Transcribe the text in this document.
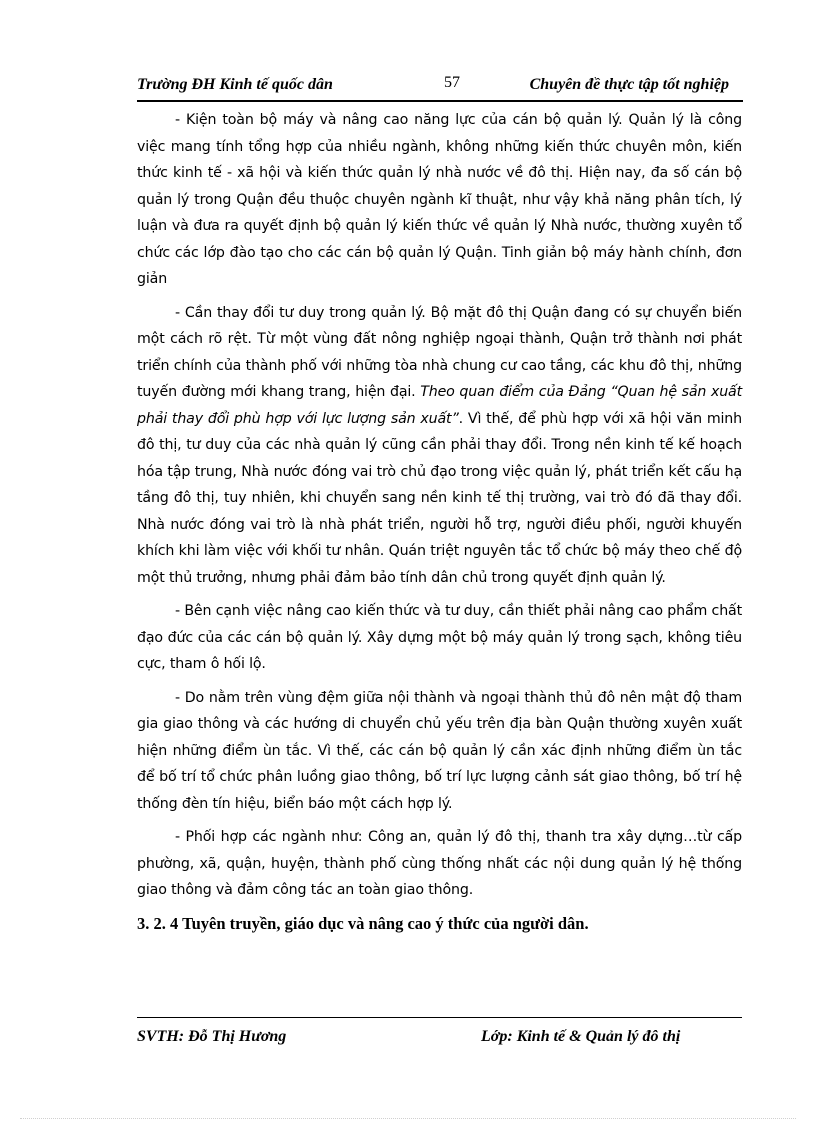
Trường ĐH Kinh tế quốc dân	57	Chuyên đề thực tập tốt nghiệp

- Kiện toàn bộ máy và nâng cao năng lực của cán bộ quản lý. Quản lý là công việc mang tính tổng hợp của nhiều ngành, không những kiến thức chuyên môn, kiến thức kinh tế - xã hội và kiến thức quản lý nhà nước về đô thị. Hiện nay, đa số cán bộ quản lý trong Quận đều thuộc chuyên ngành kĩ thuật, như vậy khả năng phân tích, lý luận và đưa ra quyết định bộ quản lý kiến thức về quản lý Nhà nước, thường xuyên tổ chức các lớp đào tạo cho các cán bộ quản lý Quận. Tinh giản bộ máy hành chính, đơn giản

- Cần thay đổi tư duy trong quản lý. Bộ mặt đô thị Quận đang có sự chuyển biến một cách rõ rệt. Từ một vùng đất nông nghiệp ngoại thành, Quận trở thành nơi phát triển chính của thành phố với những tòa nhà chung cư cao tầng, các khu đô thị, những tuyến đường mới khang trang, hiện đại. Theo quan điểm của Đảng “Quan hệ sản xuất phải thay đổi phù hợp với lực lượng sản xuất”. Vì thế, để phù hợp với xã hội văn minh đô thị, tư duy của các nhà quản lý cũng cần phải thay đổi. Trong nền kinh tế kế hoạch hóa tập trung, Nhà nước đóng vai trò chủ đạo trong việc quản lý, phát triển kết cấu hạ tầng đô thị, tuy nhiên, khi chuyển sang nền kinh tế thị trường, vai trò đó đã thay đổi. Nhà nước đóng vai trò là nhà phát triển, người hỗ trợ, người điều phối, người khuyến khích khi làm việc với khối tư nhân. Quán triệt nguyên tắc tổ chức bộ máy theo chế độ một thủ trưởng, nhưng phải đảm bảo tính dân chủ trong quyết định quản lý.

- Bên cạnh việc nâng cao kiến thức và tư duy, cần thiết phải nâng cao phẩm chất đạo đức của các cán bộ quản lý. Xây dựng một bộ máy quản lý trong sạch, không tiêu cực, tham ô hối lộ.

- Do nằm trên vùng đệm giữa nội thành và ngoại thành thủ đô nên mật độ tham gia giao thông và các hướng di chuyển chủ yếu trên địa bàn Quận thường xuyên xuất hiện những điểm ùn tắc. Vì thế, các cán bộ quản lý cần xác định những điểm ùn tắc để bố trí tổ chức phân luồng giao thông, bố trí lực lượng cảnh sát giao thông, bố trí hệ thống đèn tín hiệu, biển báo một cách hợp lý.

- Phối hợp các ngành như: Công an, quản lý đô thị, thanh tra xây dựng…từ cấp phường, xã, quận, huyện, thành phố cùng thống nhất các nội dung quản lý hệ thống giao thông và đảm công tác an toàn giao thông.

3. 2. 4 Tuyên truyền, giáo dục và nâng cao ý thức của người dân.
SVTH: Đỗ Thị Hương	Lớp: Kinh tế & Quản lý đô thị
